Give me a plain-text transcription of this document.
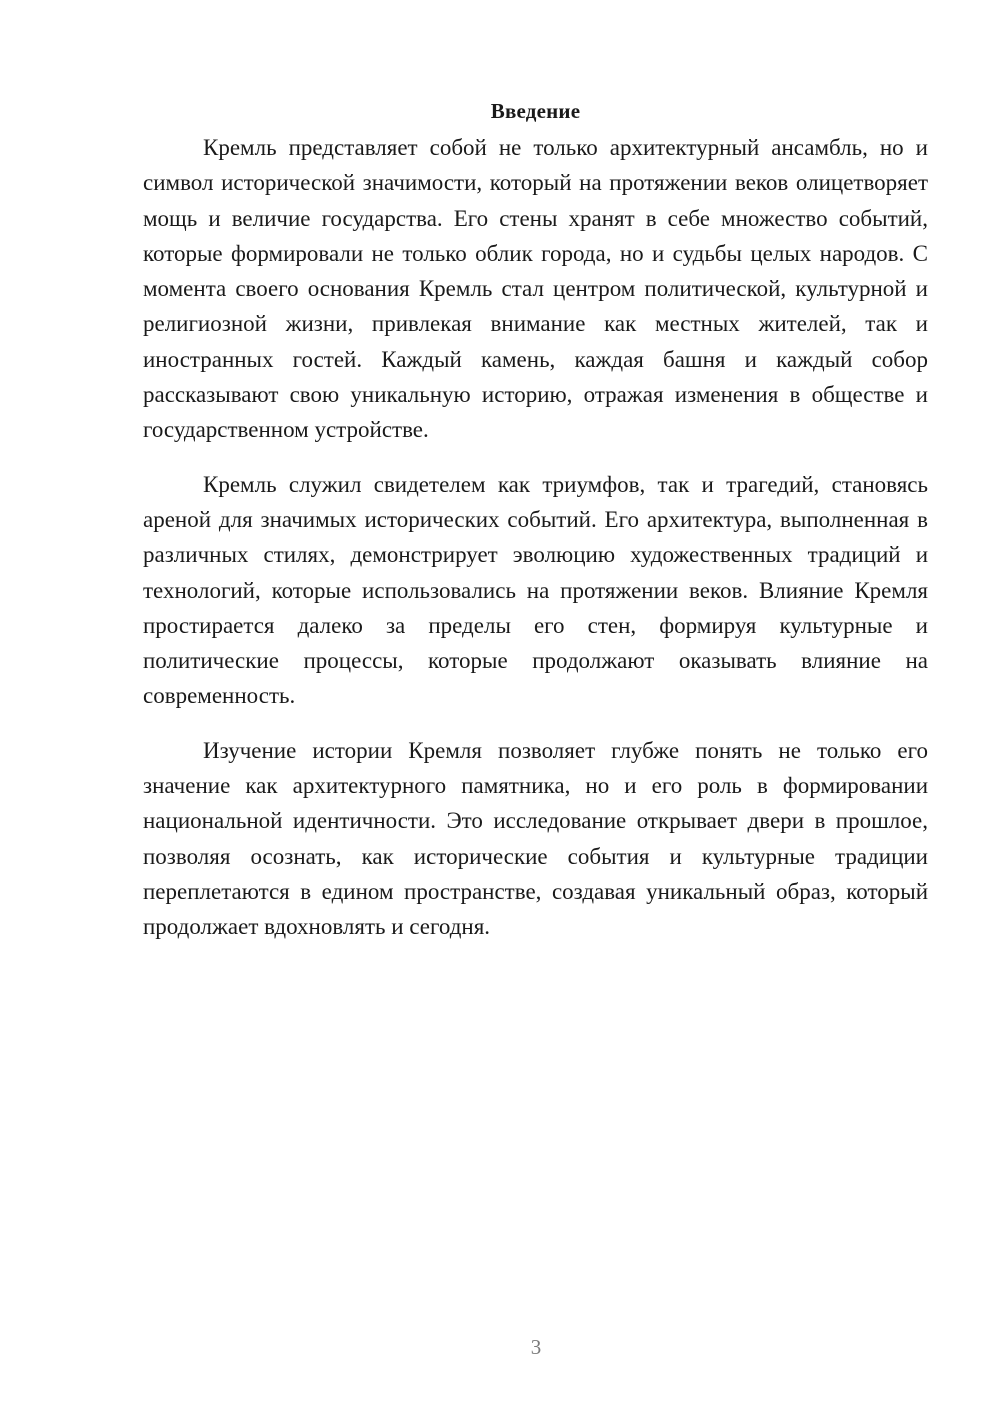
Введение

Кремль представляет собой не только архитектурный ансамбль, но и символ исторической значимости, который на протяжении веков олицетворяет мощь и величие государства. Его стены хранят в себе множество событий, которые формировали не только облик города, но и судьбы целых народов. С момента своего основания Кремль стал центром политической, культурной и религиозной жизни, привлекая внимание как местных жителей, так и иностранных гостей. Каждый камень, каждая башня и каждый собор рассказывают свою уникальную историю, отражая изменения в обществе и государственном устройстве.

Кремль служил свидетелем как триумфов, так и трагедий, становясь ареной для значимых исторических событий. Его архитектура, выполненная в различных стилях, демонстрирует эволюцию художественных традиций и технологий, которые использовались на протяжении веков. Влияние Кремля простирается далеко за пределы его стен, формируя культурные и политические процессы, которые продолжают оказывать влияние на современность.

Изучение истории Кремля позволяет глубже понять не только его значение как архитектурного памятника, но и его роль в формировании национальной идентичности. Это исследование открывает двери в прошлое, позволяя осознать, как исторические события и культурные традиции переплетаются в едином пространстве, создавая уникальный образ, который продолжает вдохновлять и сегодня.

3
